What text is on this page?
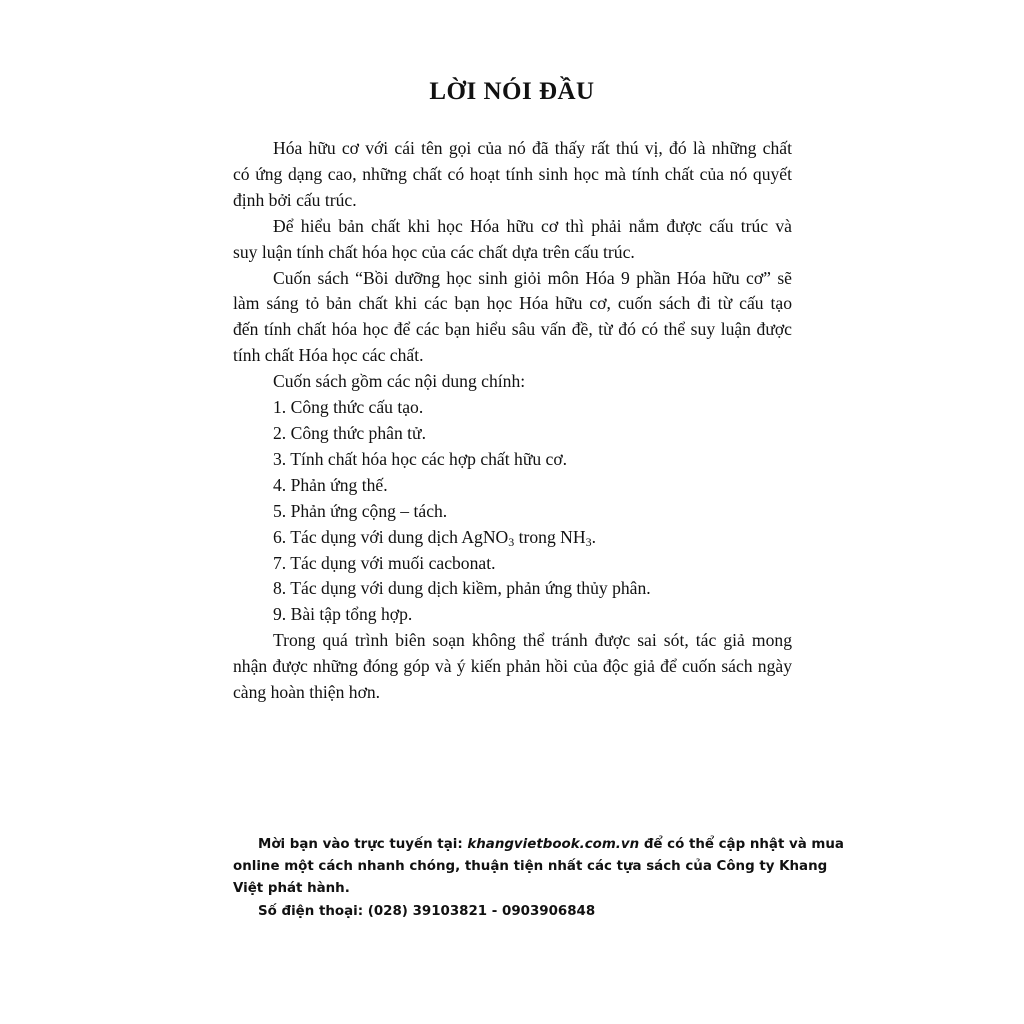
LỜI NÓI ĐẦU
Hóa hữu cơ với cái tên gọi của nó đã thấy rất thú vị, đó là những chất
có ứng dạng cao, những chất có hoạt tính sinh học mà tính chất của nó quyết
định bởi cấu trúc.
Để hiểu bản chất khi học Hóa hữu cơ thì phải nắm được cấu trúc và
suy luận tính chất hóa học của các chất dựa trên cấu trúc.
Cuốn sách “Bồi dưỡng học sinh giỏi môn Hóa 9 phần Hóa hữu cơ” sẽ
làm sáng tỏ bản chất khi các bạn học Hóa hữu cơ, cuốn sách đi từ cấu tạo
đến tính chất hóa học để các bạn hiểu sâu vấn đề, từ đó có thể suy luận được
tính chất Hóa học các chất.
Cuốn sách gồm các nội dung chính:
1. Công thức cấu tạo.
2. Công thức phân tử.
3. Tính chất hóa học các hợp chất hữu cơ.
4. Phản ứng thế.
5. Phản ứng cộng – tách.
6. Tác dụng với dung dịch AgNO$_3$ trong $NH_3$.
7. Tác dụng với muối cacbonat.
8. Tác dụng với dung dịch kiềm, phản ứng thủy phân.
9. Bài tập tổng hợp.
Trong quá trình biên soạn không thể tránh được sai sót, tác giả mong
nhận được những đóng góp và ý kiến phản hồi của độc giả để cuốn sách ngày
càng hoàn thiện hơn.
Mời bạn vào trực tuyến tại: khangvietbook.com.vn để có thể cập nhật và mua
online một cách nhanh chóng, thuận tiện nhất các tựa sách của Công ty Khang
Việt phát hành.
Số điện thoại: (028) 39103821 - 0903906848
